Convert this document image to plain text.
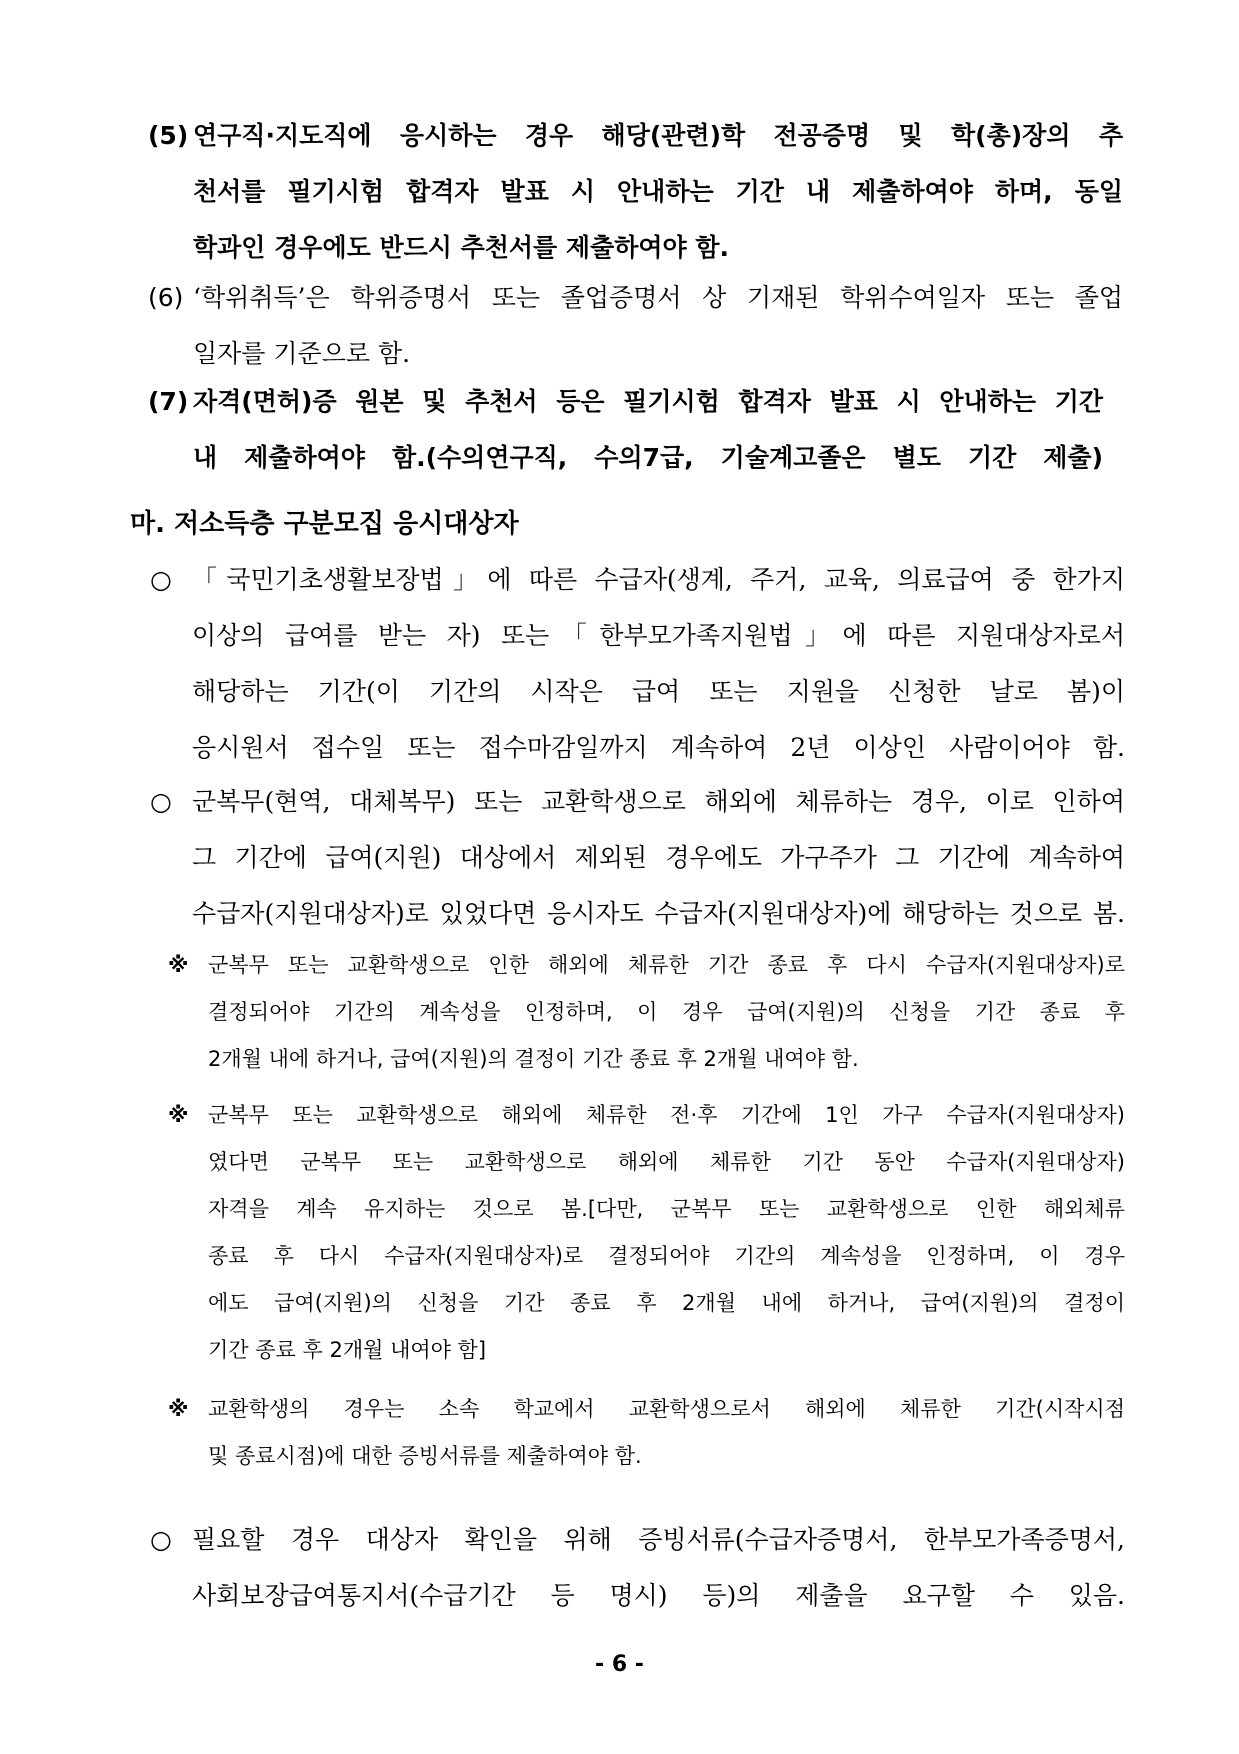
(5) 연구직·지도직에 응시하는 경우 해당(관련)학 전공증명 및 학(총)장의 추
천서를 필기시험 합격자 발표 시 안내하는 기간 내 제출하여야 하며, 동일
학과인 경우에도 반드시 추천서를 제출하여야 함.
(6) ‘학위취득’은 학위증명서 또는 졸업증명서 상 기재된 학위수여일자 또는 졸업
일자를 기준으로 함.
(7) 자격(면허)증 원본 및 추천서 등은 필기시험 합격자 발표 시 안내하는 기간
내 제출하여야 함.(수의연구직, 수의7급, 기술계고졸은 별도 기간 제출)
마. 저소득층 구분모집 응시대상자
○ 「국민기초생활보장법」에 따른 수급자(생계, 주거, 교육, 의료급여 중 한가지
이상의 급여를 받는 자) 또는「한부모가족지원법」에 따른 지원대상자로서
해당하는 기간(이 기간의 시작은 급여 또는 지원을 신청한 날로 봄)이
응시원서 접수일 또는 접수마감일까지 계속하여 2년 이상인 사람이어야 함.
○ 군복무(현역, 대체복무) 또는 교환학생으로 해외에 체류하는 경우, 이로 인하여
그 기간에 급여(지원) 대상에서 제외된 경우에도 가구주가 그 기간에 계속하여
수급자(지원대상자)로 있었다면 응시자도 수급자(지원대상자)에 해당하는 것으로 봄.
※ 군복무 또는 교환학생으로 인한 해외에 체류한 기간 종료 후 다시 수급자(지원대상자)로
결정되어야 기간의 계속성을 인정하며, 이 경우 급여(지원)의 신청을 기간 종료 후
2개월 내에 하거나, 급여(지원)의 결정이 기간 종료 후 2개월 내여야 함.
※ 군복무 또는 교환학생으로 해외에 체류한 전·후 기간에 1인 가구 수급자(지원대상자)
였다면 군복무 또는 교환학생으로 해외에 체류한 기간 동안 수급자(지원대상자)
자격을 계속 유지하는 것으로 봄.[다만, 군복무 또는 교환학생으로 인한 해외체류
종료 후 다시 수급자(지원대상자)로 결정되어야 기간의 계속성을 인정하며, 이 경우
에도 급여(지원)의 신청을 기간 종료 후 2개월 내에 하거나, 급여(지원)의 결정이
기간 종료 후 2개월 내여야 함]
※ 교환학생의 경우는 소속 학교에서 교환학생으로서 해외에 체류한 기간(시작시점
및 종료시점)에 대한 증빙서류를 제출하여야 함.
○ 필요할 경우 대상자 확인을 위해 증빙서류(수급자증명서, 한부모가족증명서,
사회보장급여통지서(수급기간 등 명시) 등)의 제출을 요구할 수 있음.
- 6 -
